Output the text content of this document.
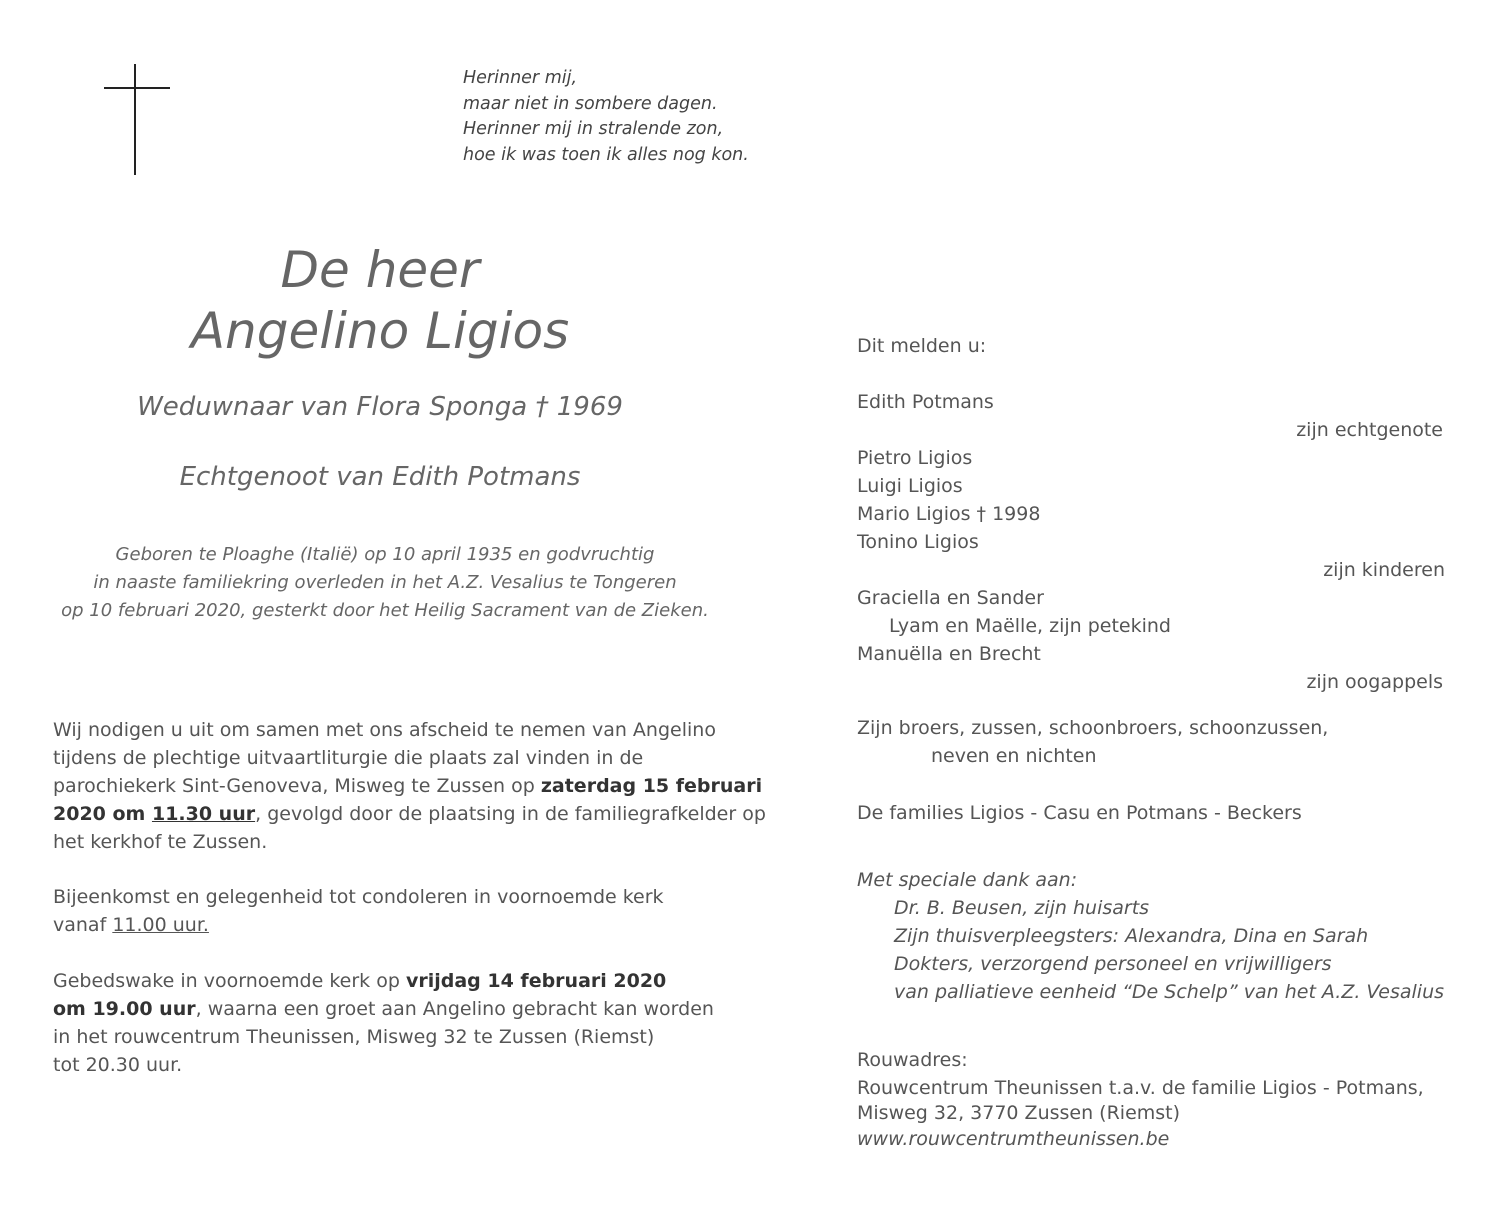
Herinner mij,
maar niet in sombere dagen.
Herinner mij in stralende zon,
hoe ik was toen ik alles nog kon.
De heer
Angelino Ligios
Weduwnaar van Flora Sponga † 1969
Echtgenoot van Edith Potmans
Geboren te Ploaghe (Italië) op 10 april 1935 en godvruchtig
in naaste familiekring overleden in het A.Z. Vesalius te Tongeren
op 10 februari 2020, gesterkt door het Heilig Sacrament van de Zieken.
Wij nodigen u uit om samen met ons afscheid te nemen van Angelino
tijdens de plechtige uitvaartliturgie die plaats zal vinden in de
parochiekerk Sint-Genoveva, Misweg te Zussen op zaterdag 15 februari
2020 om 11.30 uur, gevolgd door de plaatsing in de familiegrafkelder op
het kerkhof te Zussen.
Bijeenkomst en gelegenheid tot condoleren in voornoemde kerk
vanaf 11.00 uur.
Gebedswake in voornoemde kerk op vrijdag 14 februari 2020
om 19.00 uur, waarna een groet aan Angelino gebracht kan worden
in het rouwcentrum Theunissen, Misweg 32 te Zussen (Riemst)
tot 20.30 uur.
Dit melden u:
Edith Potmans
zijn echtgenote
Pietro Ligios
Luigi Ligios
Mario Ligios † 1998
Tonino Ligios
zijn kinderen
Graciella en Sander
Lyam en Maëlle, zijn petekind
Manuëlla en Brecht
zijn oogappels
Zijn broers, zussen, schoonbroers, schoonzussen,
neven en nichten
De families Ligios - Casu en Potmans - Beckers
Met speciale dank aan:
Dr. B. Beusen, zijn huisarts
Zijn thuisverpleegsters: Alexandra, Dina en Sarah
Dokters, verzorgend personeel en vrijwilligers
van palliatieve eenheid “De Schelp” van het A.Z. Vesalius
Rouwadres:
Rouwcentrum Theunissen t.a.v. de familie Ligios - Potmans,
Misweg 32, 3770 Zussen (Riemst)
www.rouwcentrumtheunissen.be
